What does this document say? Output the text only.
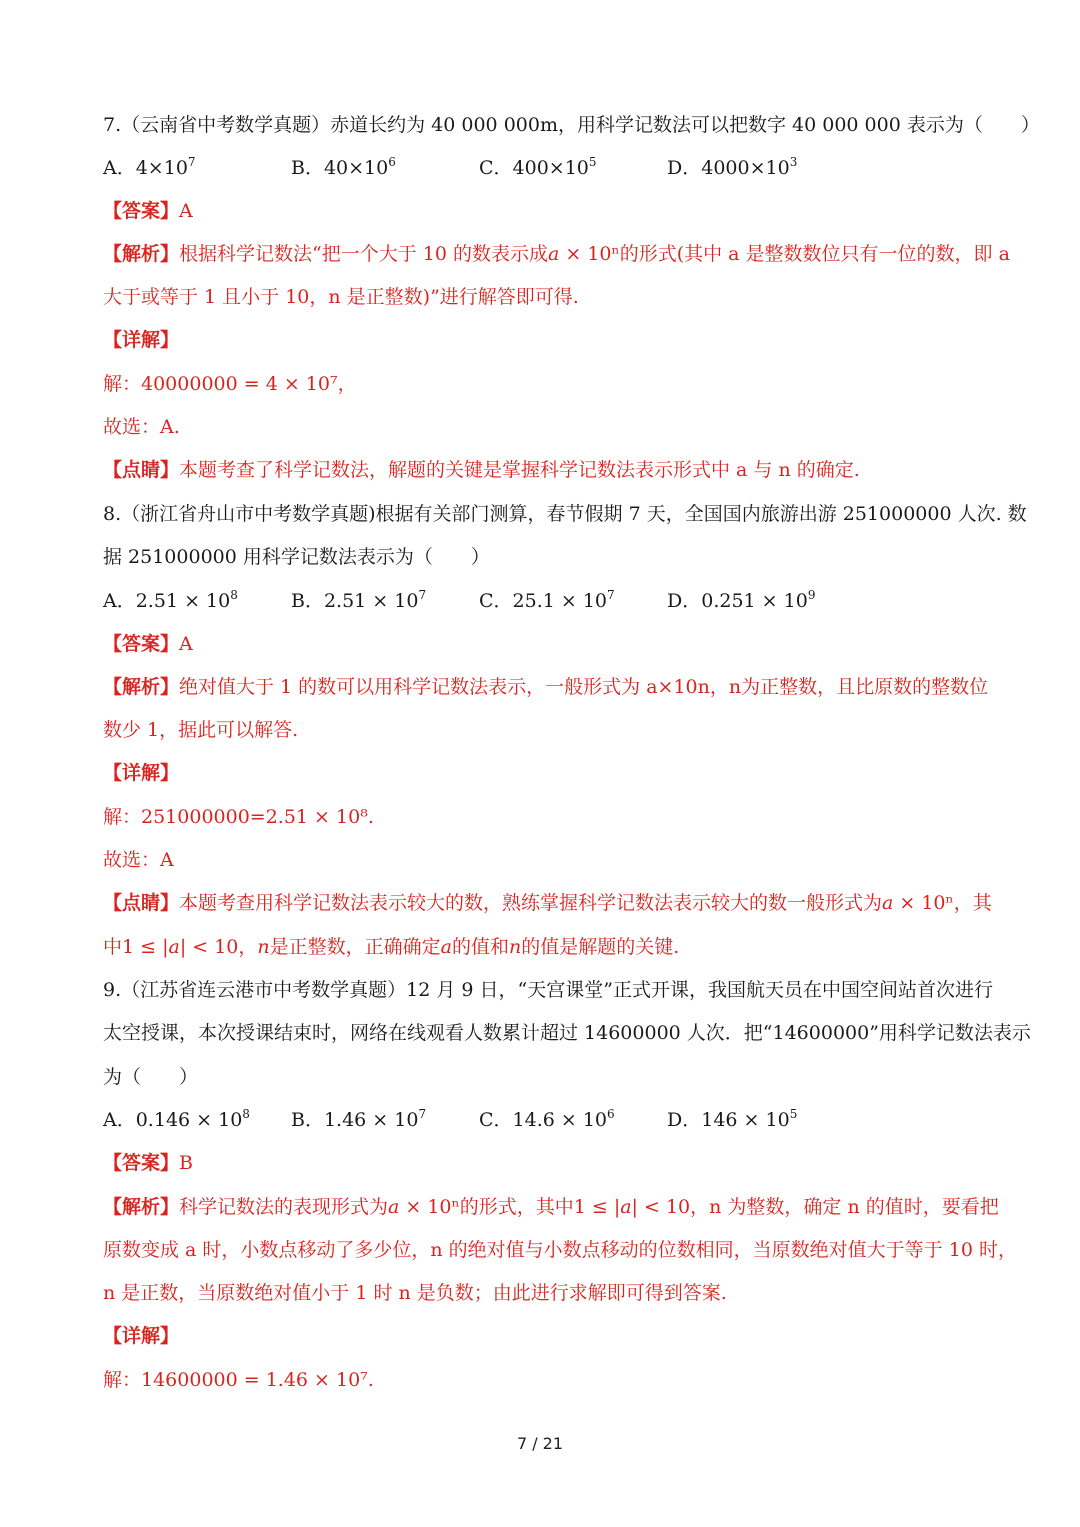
7.（云南省中考数学真题）赤道长约为 40 000 000m，用科学记数法可以把数字 40 000 000 表示为（　　）
A．$4\times 10^7$	B．$40\times 10^6$	C．$400\times 10^5$	D．$4000\times 10^3$
【答案】A
【解析】根据科学记数法“把一个大于 10 的数表示成𝑎 × 10ⁿ的形式(其中 a 是整数数位只有一位的数，即 a
大于或等于 1 且小于 10，n 是正整数)”进行解答即可得.
【详解】
解：40000000 = 4 × 10⁷，
故选：A.
【点睛】本题考查了科学记数法，解题的关键是掌握科学记数法表示形式中 a 与 n 的确定.
8.（浙江省舟山市中考数学真题)根据有关部门测算，春节假期 7 天，全国国内旅游出游 251000000 人次. 数
据 251000000 用科学记数法表示为（　　）
A．$2.51 \times 10^8$	B．$2.51 \times 10^7$	C．$25.1 \times 10^7$	D．$0.251 \times 10^9$
【答案】A
【解析】绝对值大于 1 的数可以用科学记数法表示，一般形式为 a×10n，n为正整数，且比原数的整数位
数少 1，据此可以解答.
【详解】
解：251000000=2.51 × 10⁸.
故选：A
【点睛】本题考查用科学记数法表示较大的数，熟练掌握科学记数法表示较大的数一般形式为𝑎 × 10ⁿ，其
中1 ≤ |𝑎| < 10，𝑛是正整数，正确确定𝑎的值和𝑛的值是解题的关键.
9.（江苏省连云港市中考数学真题）12 月 9 日，“天宫课堂”正式开课，我国航天员在中国空间站首次进行
太空授课，本次授课结束时，网络在线观看人数累计超过 14600000 人次．把“14600000”用科学记数法表示
为（　　）
A．$0.146 \times 10^8$ B．$1.46 \times 10^7$	C．$14.6 \times 10^6$	D．$146 \times 10^5$
【答案】B
【解析】科学记数法的表现形式为𝑎 × 10ⁿ的形式，其中1 ≤ |𝑎| < 10，n 为整数，确定 n 的值时，要看把
原数变成 a 时，小数点移动了多少位，n 的绝对值与小数点移动的位数相同，当原数绝对值大于等于 10 时，
n 是正数，当原数绝对值小于 1 时 n 是负数；由此进行求解即可得到答案.
【详解】
解：14600000 = 1.46 × 10⁷.
7 / 21
